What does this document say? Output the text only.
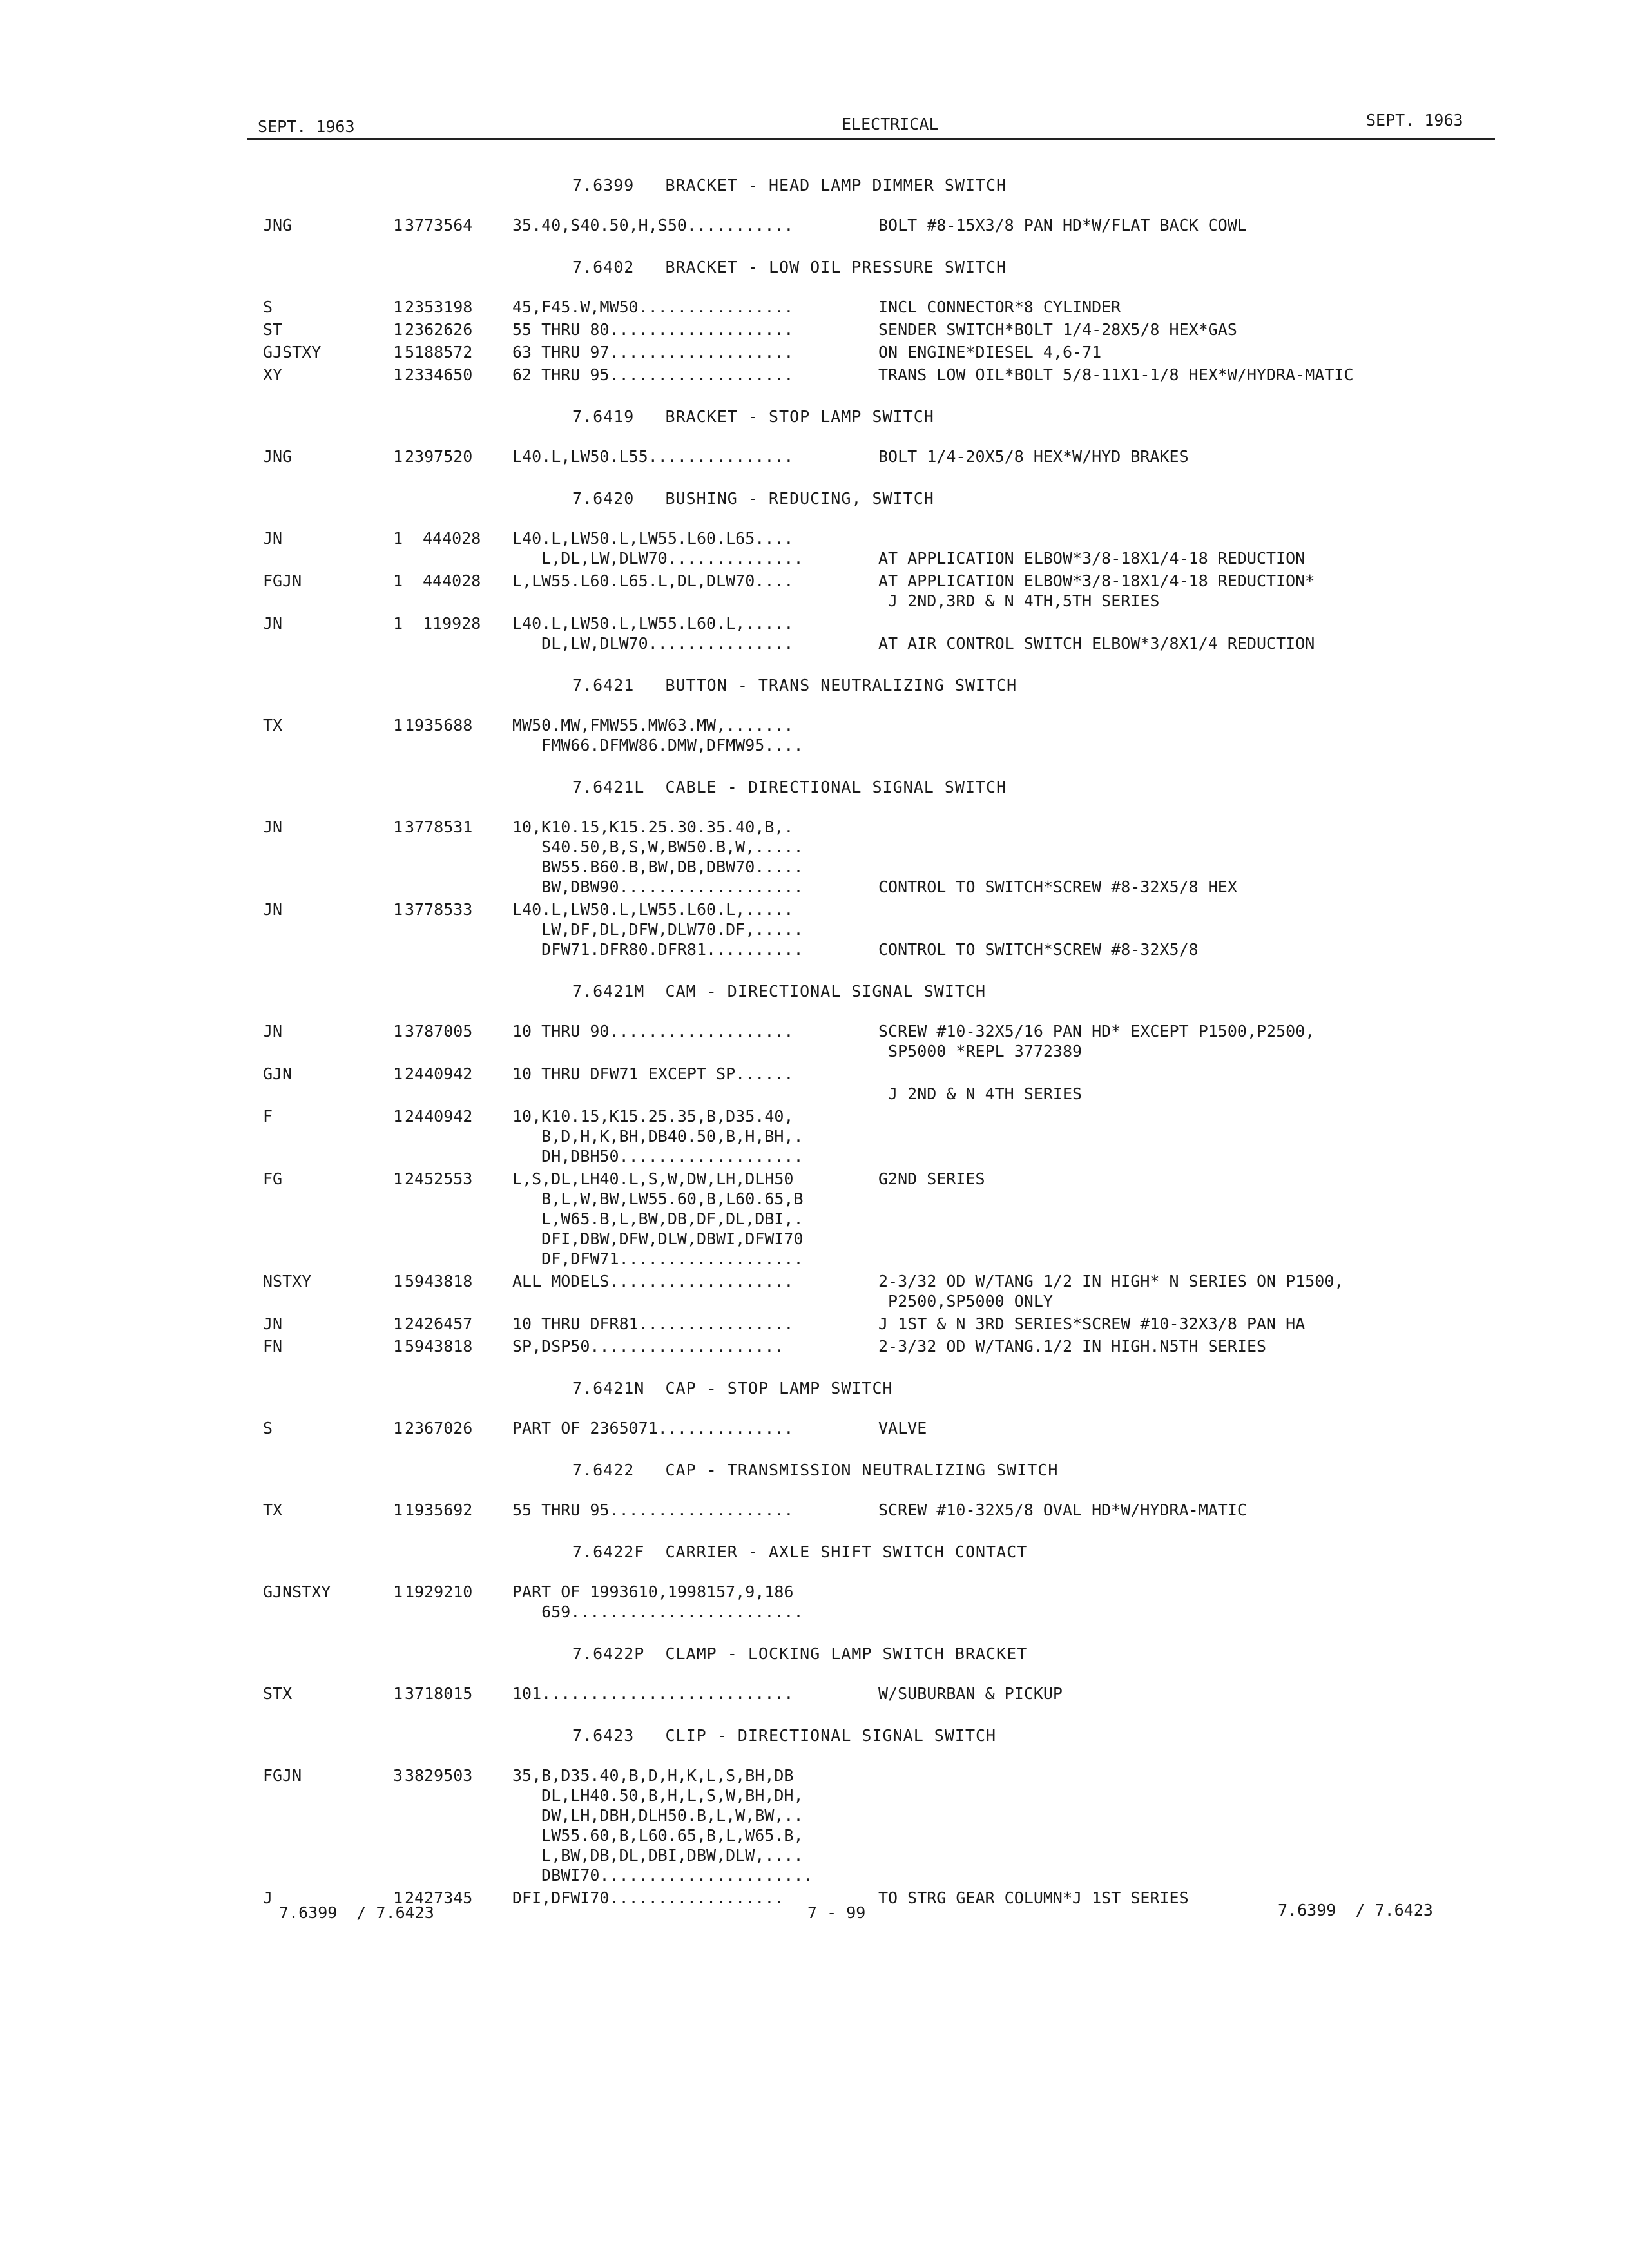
SEPT. 1963	ELECTRICAL	SEPT. 1963
7.6399   BRACKET - HEAD LAMP DIMMER SWITCH
JNG	1 3773564 35.40,S40.50,H,S50...........	BOLT #8-15X3/8 PAN HD*W/FLAT BACK COWL
7.6402   BRACKET - LOW OIL PRESSURE SWITCH
S	1 2353198 45,F45.W,MW50................	INCL CONNECTOR*8 CYLINDER
ST	1 2362626 55 THRU 80...................	SENDER SWITCH*BOLT 1/4-28X5/8 HEX*GAS
GJSTXY	1 5188572 63 THRU 97...................	ON ENGINE*DIESEL 4,6-71
XY	1 2334650 62 THRU 95...................	TRANS LOW OIL*BOLT 5/8-11X1-1/8 HEX*W/HYDRA-MATIC
7.6419   BRACKET - STOP LAMP SWITCH
JNG	1 2397520 L40.L,LW50.L55...............	BOLT 1/4-20X5/8 HEX*W/HYD BRAKES
7.6420   BUSHING - REDUCING, SWITCH
JN	1 444028 L40.L,LW50.L,LW55.L60.L65....
L,DL,LW,DLW70..............	AT APPLICATION ELBOW*3/8-18X1/4-18 REDUCTION
FGJN	1 444028 L,LW55.L60.L65.L,DL,DLW70....	AT APPLICATION ELBOW*3/8-18X1/4-18 REDUCTION*
J 2ND,3RD & N 4TH,5TH SERIES
JN	1 119928 L40.L,LW50.L,LW55.L60.L,.....
DL,LW,DLW70...............	AT AIR CONTROL SWITCH ELBOW*3/8X1/4 REDUCTION
7.6421   BUTTON - TRANS NEUTRALIZING SWITCH
TX	1 1935688 MW50.MW,FMW55.MW63.MW,.......
FMW66.DFMW86.DMW,DFMW95....
7.6421L  CABLE - DIRECTIONAL SIGNAL SWITCH
JN	1 3778531 10,K10.15,K15.25.30.35.40,B,.
S40.50,B,S,W,BW50.B,W,.....
BW55.B60.B,BW,DB,DBW70.....
BW,DBW90...................	CONTROL TO SWITCH*SCREW #8-32X5/8 HEX
JN	1 3778533 L40.L,LW50.L,LW55.L60.L,.....
LW,DF,DL,DFW,DLW70.DF,.....
DFW71.DFR80.DFR81..........	CONTROL TO SWITCH*SCREW #8-32X5/8
7.6421M  CAM - DIRECTIONAL SIGNAL SWITCH
JN	1 3787005 10 THRU 90...................	SCREW #10-32X5/16 PAN HD* EXCEPT P1500,P2500,
SP5000 *REPL 3772389
GJN	1 2440942 10 THRU DFW71 EXCEPT SP......
J 2ND & N 4TH SERIES
F	1 2440942 10,K10.15,K15.25.35,B,D35.40,
B,D,H,K,BH,DB40.50,B,H,BH,.
DH,DBH50...................
FG	1 2452553 L,S,DL,LH40.L,S,W,DW,LH,DLH50	G2ND SERIES
B,L,W,BW,LW55.60,B,L60.65,B
L,W65.B,L,BW,DB,DF,DL,DBI,.
DFI,DBW,DFW,DLW,DBWI,DFWI70
DF,DFW71...................
NSTXY	1 5943818 ALL MODELS...................	2-3/32 OD W/TANG 1/2 IN HIGH* N SERIES ON P1500,
P2500,SP5000 ONLY
JN	1 2426457 10 THRU DFR81................	J 1ST & N 3RD SERIES*SCREW #10-32X3/8 PAN HA
FN	1 5943818 SP,DSP50....................	2-3/32 OD W/TANG.1/2 IN HIGH.N5TH SERIES
7.6421N  CAP - STOP LAMP SWITCH
S	1 2367026 PART OF 2365071..............	VALVE
7.6422   CAP - TRANSMISSION NEUTRALIZING SWITCH
TX	1 1935692 55 THRU 95...................	SCREW #10-32X5/8 OVAL HD*W/HYDRA-MATIC
7.6422F  CARRIER - AXLE SHIFT SWITCH CONTACT
GJNSTXY	1 1929210 PART OF 1993610,1998157,9,186
659........................
7.6422P  CLAMP - LOCKING LAMP SWITCH BRACKET
STX	1 3718015 101..........................	W/SUBURBAN & PICKUP
7.6423   CLIP - DIRECTIONAL SIGNAL SWITCH
FGJN	3 3829503 35,B,D35.40,B,D,H,K,L,S,BH,DB
DL,LH40.50,B,H,L,S,W,BH,DH,
DW,LH,DBH,DLH50.B,L,W,BW,..
LW55.60,B,L60.65,B,L,W65.B,
L,BW,DB,DL,DBI,DBW,DLW,....
DBWI70......................
J	1 2427345 DFI,DFWI70..................	TO STRG GEAR COLUMN*J 1ST SERIES
7.6399  / 7.6423	7 - 99	7.6399  / 7.6423
